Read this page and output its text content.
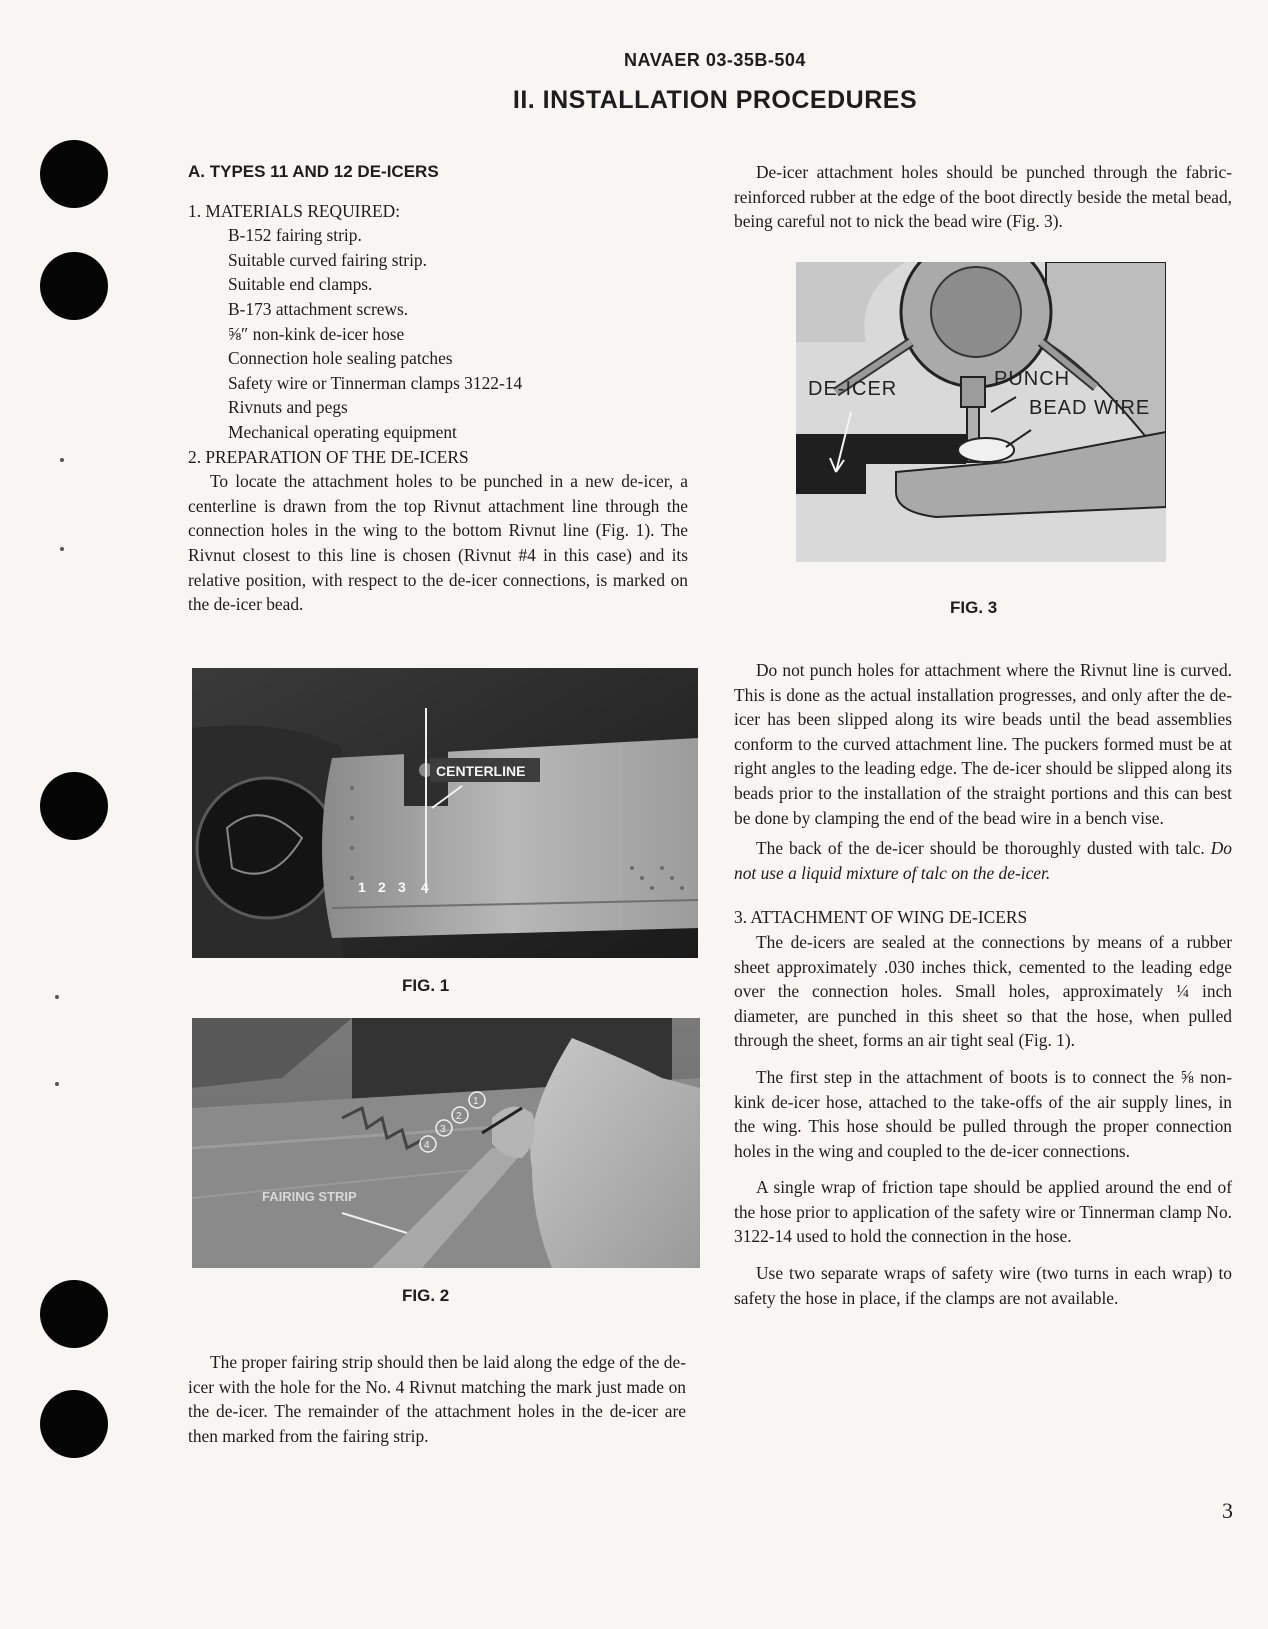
NAVAER 03-35B-504
II. INSTALLATION PROCEDURES
A. TYPES 11 AND 12 DE-ICERS
1. MATERIALS REQUIRED:
B-152 fairing strip.
Suitable curved fairing strip.
Suitable end clamps.
B-173 attachment screws.
⅝″ non-kink de-icer hose
Connection hole sealing patches
Safety wire or Tinnerman clamps 3122-14
Rivnuts and pegs
Mechanical operating equipment
2. PREPARATION OF THE DE-ICERS

To locate the attachment holes to be punched in a new de-icer, a centerline is drawn from the top Rivnut attachment line through the connection holes in the wing to the bottom Rivnut line (Fig. 1). The Rivnut closest to this line is chosen (Rivnut #4 in this case) and its relative position, with respect to the de-icer connections, is marked on the de-icer bead.

CENTERLINE
1 2 3 4
FIG. 1
1
2
3
4
FAIRING STRIP
FIG. 2

The proper fairing strip should then be laid along the edge of the de-icer with the hole for the No. 4 Rivnut matching the mark just made on the de-icer. The remainder of the attachment holes in the de-icer are then marked from the fairing strip.

De-icer attachment holes should be punched through the fabric-reinforced rubber at the edge of the boot directly beside the metal bead, being careful not to nick the bead wire (Fig. 3).

DE-ICER	PUNCH
BEAD WIRE
FIG. 3

Do not punch holes for attachment where the Rivnut line is curved. This is done as the actual installation progresses, and only after the de-icer has been slipped along its wire beads until the bead assemblies conform to the curved attachment line. The puckers formed must be at right angles to the leading edge. The de-icer should be slipped along its beads prior to the installation of the straight portions and this can best be done by clamping the end of the bead wire in a bench vise.

The back of the de-icer should be thoroughly dusted with talc. Do not use a liquid mixture of talc on the de-icer.

3. ATTACHMENT OF WING DE-ICERS

The de-icers are sealed at the connections by means of a rubber sheet approximately .030 inches thick, cemented to the leading edge over the connection holes. Small holes, approximately ¼ inch diameter, are punched in this sheet so that the hose, when pulled through the sheet, forms an air tight seal (Fig. 1).

The first step in the attachment of boots is to connect the ⅝ non-kink de-icer hose, attached to the take-offs of the air supply lines, in the wing. This hose should be pulled through the proper connection holes in the wing and coupled to the de-icer connections.

A single wrap of friction tape should be applied around the end of the hose prior to application of the safety wire or Tinnerman clamp No. 3122-14 used to hold the connection in the hose.

Use two separate wraps of safety wire (two turns in each wrap) to safety the hose in place, if the clamps are not available.

3
